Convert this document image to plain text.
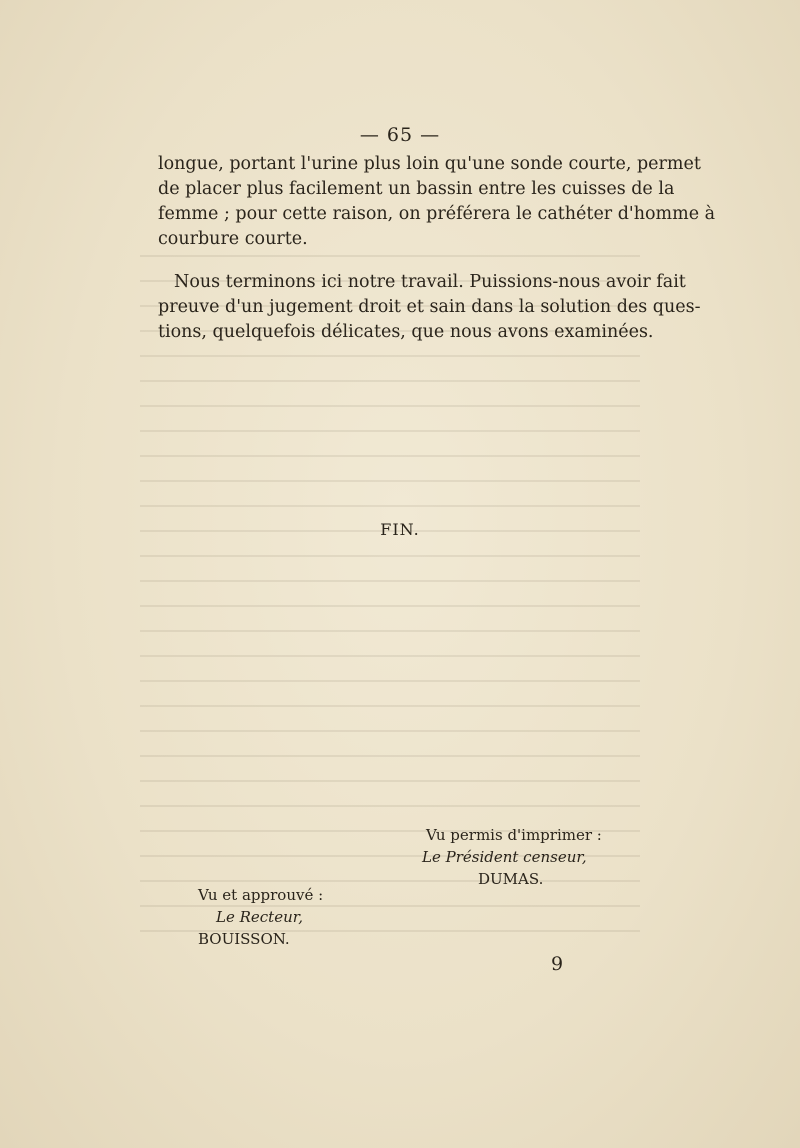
— 65 —
longue, portant l'urine plus loin qu'une sonde courte, permet
de placer plus facilement un bassin entre les cuisses de la
femme ; pour cette raison, on préférera le cathéter d'homme à
courbure courte.
Nous terminons ici notre travail. Puissions-nous avoir fait
preuve d'un jugement droit et sain dans la solution des ques-
tions, quelquefois délicates, que nous avons examinées.
FIN.
Vu permis d'imprimer :
Le Président censeur,
DUMAS.
Vu et approuvé :
Le Recteur,
BOUISSON.
9
